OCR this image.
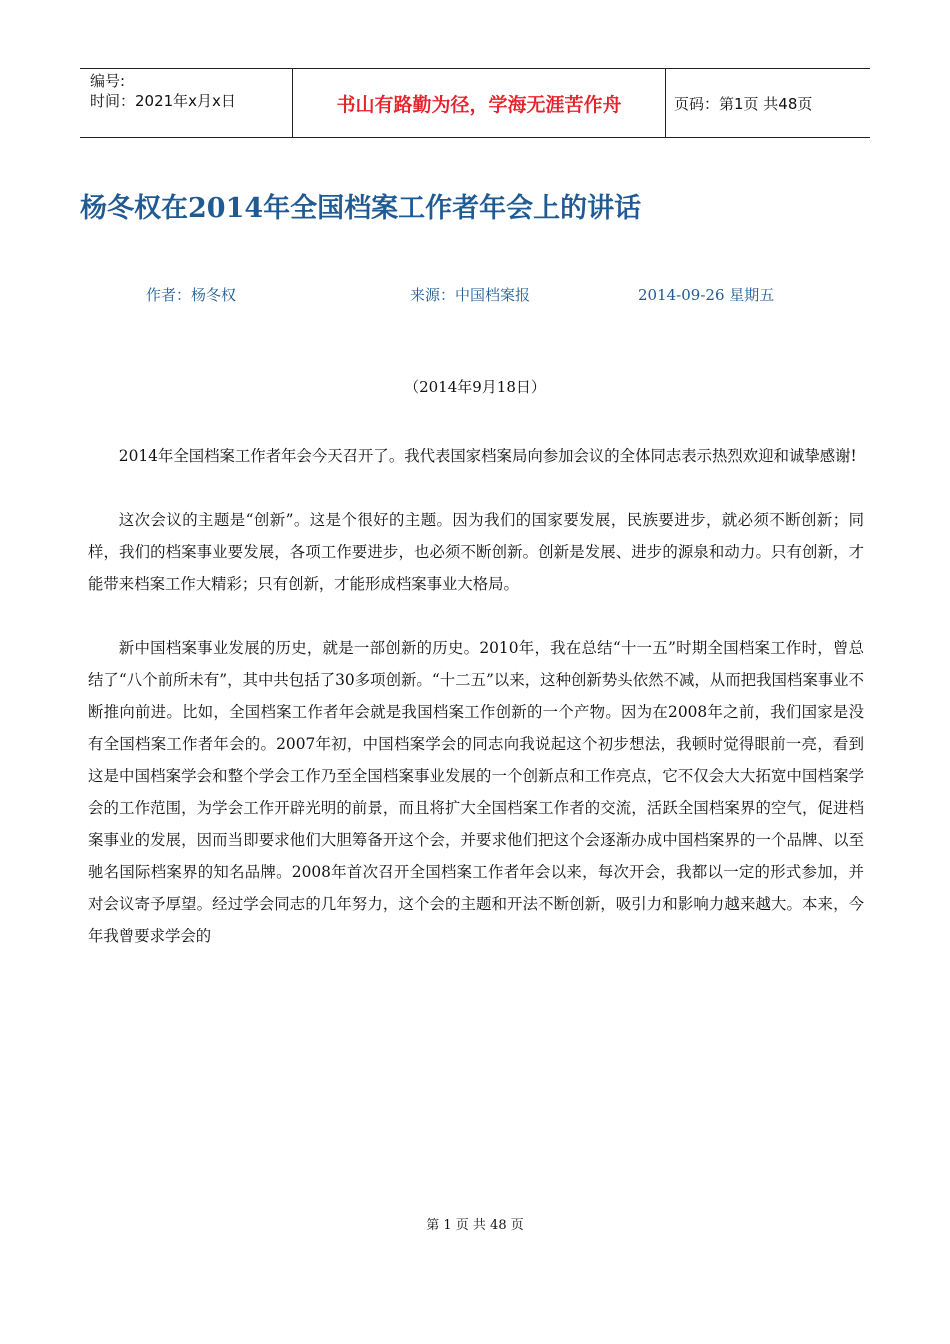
编号:
时间：2021年x月x日	书山有路勤为径，学海无涯苦作舟	页码：第1页 共48页
杨冬权在2014年全国档案工作者年会上的讲话
作者：杨冬权	来源：中国档案报	2014-09-26 星期五
（2014年9月18日）

2014年全国档案工作者年会今天召开了。我代表国家档案局向参加会议的全体同志表示热烈欢迎和诚挚感谢!

这次会议的主题是“创新”。这是个很好的主题。因为我们的国家要发展，民族要进步，就必须不断创新；同样，我们的档案事业要发展，各项工作要进步，也必须不断创新。创新是发展、进步的源泉和动力。只有创新，才能带来档案工作大精彩；只有创新，才能形成档案事业大格局。

新中国档案事业发展的历史，就是一部创新的历史。2010年，我在总结“十一五”时期全国档案工作时，曾总结了“八个前所未有”，其中共包括了30多项创新。“十二五”以来，这种创新势头依然不减，从而把我国档案事业不断推向前进。比如，全国档案工作者年会就是我国档案工作创新的一个产物。因为在2008年之前，我们国家是没有全国档案工作者年会的。2007年初，中国档案学会的同志向我说起这个初步想法，我顿时觉得眼前一亮，看到这是中国档案学会和整个学会工作乃至全国档案事业发展的一个创新点和工作亮点，它不仅会大大拓宽中国档案学会的工作范围，为学会工作开辟光明的前景，而且将扩大全国档案工作者的交流，活跃全国档案界的空气，促进档案事业的发展，因而当即要求他们大胆筹备开这个会，并要求他们把这个会逐渐办成中国档案界的一个品牌、以至驰名国际档案界的知名品牌。2008年首次召开全国档案工作者年会以来，每次开会，我都以一定的形式参加，并对会议寄予厚望。经过学会同志的几年努力，这个会的主题和开法不断创新，吸引力和影响力越来越大。本来，今年我曾要求学会的

第 1 页 共 48 页
